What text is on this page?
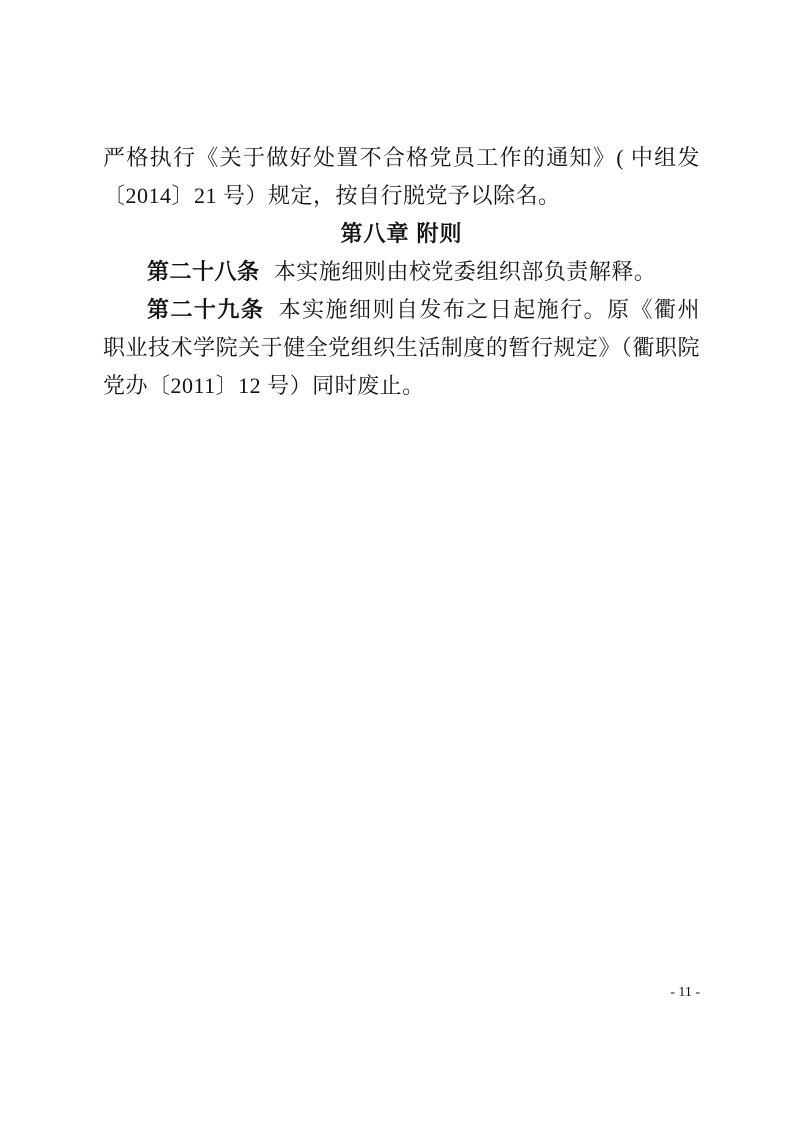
严格执行《关于做好处置不合格党员工作的通知》( 中组发〔2014〕21 号）规定，按自行脱党予以除名。

第八章 附则

第二十八条 本实施细则由校党委组织部负责解释。

第二十九条 本实施细则自发布之日起施行。原《衢州职业技术学院关于健全党组织生活制度的暂行规定》（衢职院党办〔2011〕12 号）同时废止。

- 11 -
